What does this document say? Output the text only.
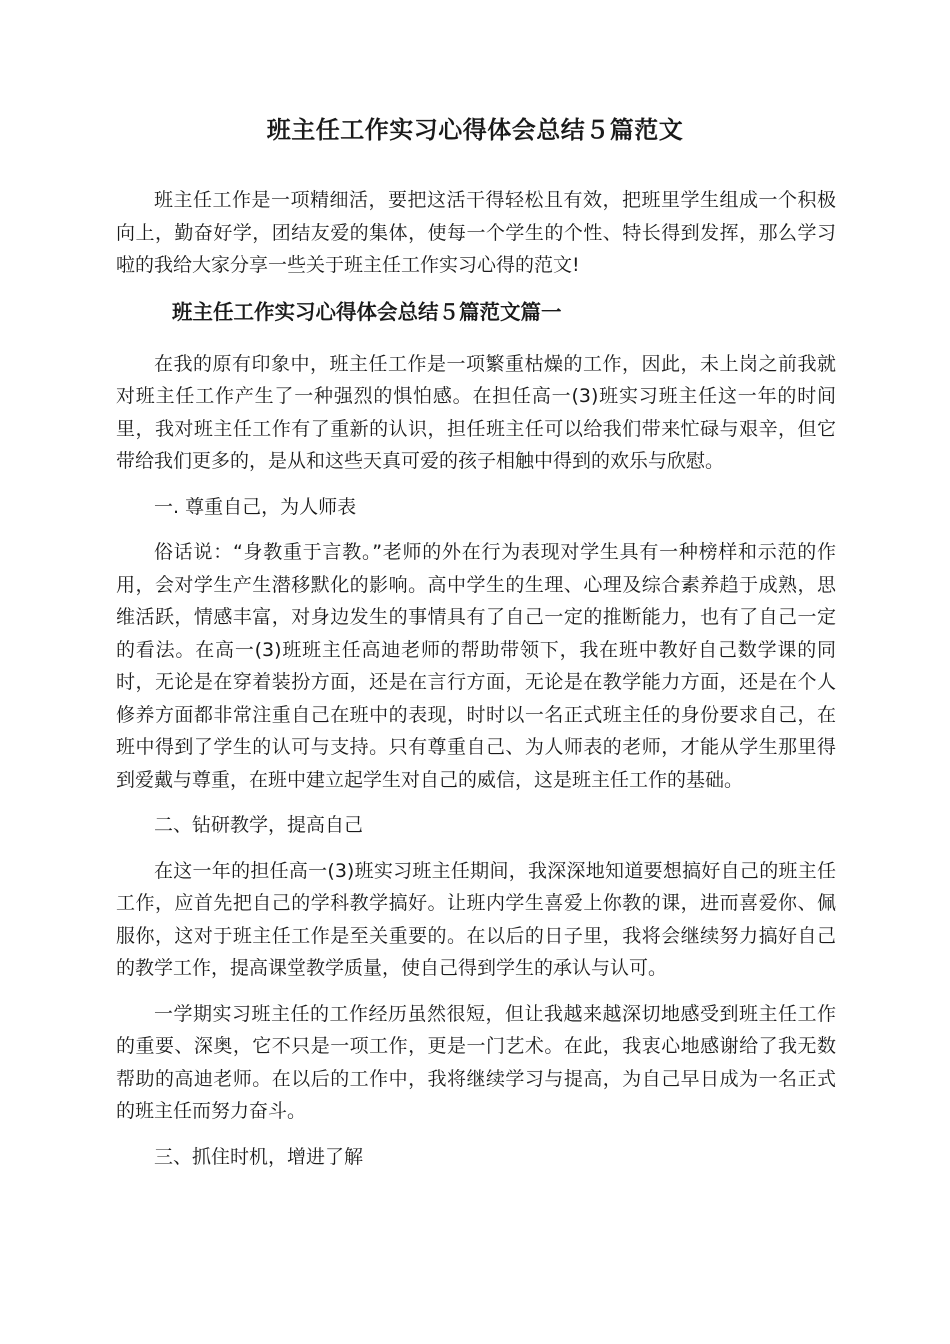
班主任工作实习心得体会总结５篇范文

班主任工作是一项精细活，要把这活干得轻松且有效，把班里学生组成一个积极向上，勤奋好学，团结友爱的集体，使每一个学生的个性、特长得到发挥，那么学习啦的我给大家分享一些关于班主任工作实习心得的范文!

班主任工作实习心得体会总结５篇范文篇一

在我的原有印象中，班主任工作是一项繁重枯燥的工作，因此，未上岗之前我就对班主任工作产生了一种强烈的惧怕感。在担任高一(3)班实习班主任这一年的时间里，我对班主任工作有了重新的认识，担任班主任可以给我们带来忙碌与艰辛，但它带给我们更多的，是从和这些天真可爱的孩子相触中得到的欢乐与欣慰。

一. 尊重自己，为人师表

俗话说：“身教重于言教。”老师的外在行为表现对学生具有一种榜样和示范的作用，会对学生产生潜移默化的影响。高中学生的生理、心理及综合素养趋于成熟，思维活跃，情感丰富，对身边发生的事情具有了自己一定的推断能力，也有了自己一定的看法。在高一(3)班班主任高迪老师的帮助带领下，我在班中教好自己数学课的同时，无论是在穿着装扮方面，还是在言行方面，无论是在教学能力方面，还是在个人修养方面都非常注重自己在班中的表现，时时以一名正式班主任的身份要求自己，在班中得到了学生的认可与支持。只有尊重自己、为人师表的老师，才能从学生那里得到爱戴与尊重，在班中建立起学生对自己的威信，这是班主任工作的基础。

二、钻研教学，提高自己

在这一年的担任高一(3)班实习班主任期间，我深深地知道要想搞好自己的班主任工作，应首先把自己的学科教学搞好。让班内学生喜爱上你教的课，进而喜爱你、佩服你，这对于班主任工作是至关重要的。在以后的日子里，我将会继续努力搞好自己的教学工作，提高课堂教学质量，使自己得到学生的承认与认可。

一学期实习班主任的工作经历虽然很短，但让我越来越深切地感受到班主任工作的重要、深奥，它不只是一项工作，更是一门艺术。在此，我衷心地感谢给了我无数帮助的高迪老师。在以后的工作中，我将继续学习与提高，为自己早日成为一名正式的班主任而努力奋斗。

三、抓住时机，增进了解
